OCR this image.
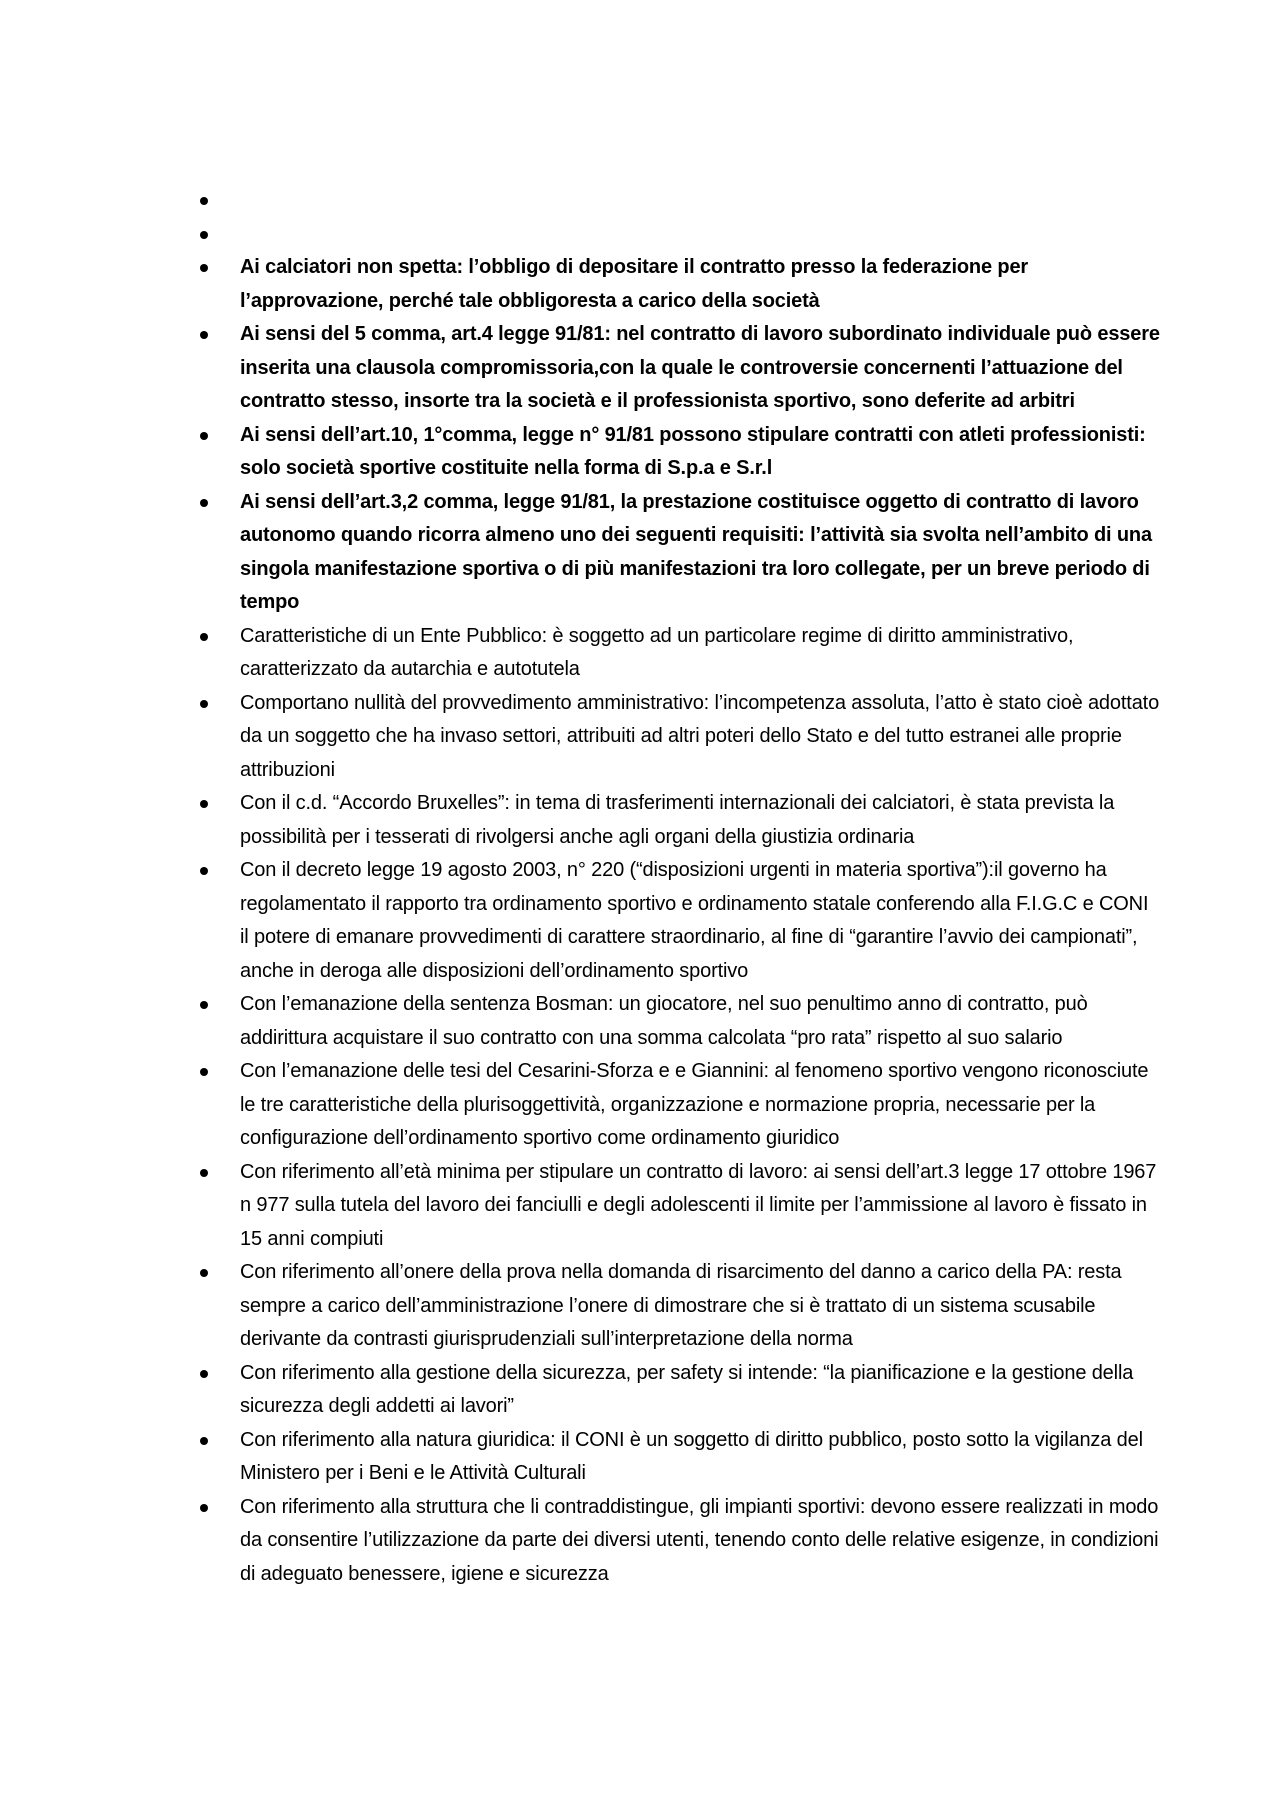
Ai calciatori non spetta: l’obbligo di depositare il contratto presso la federazione per l’approvazione, perché tale obbligoresta a carico della società
Ai sensi del 5 comma, art.4 legge 91/81: nel contratto di lavoro subordinato individuale può essere inserita una clausola compromissoria,con la quale le controversie concernenti l’attuazione del contratto stesso, insorte tra la società e il professionista sportivo, sono deferite ad arbitri
Ai sensi dell’art.10, 1°comma, legge n° 91/81 possono stipulare contratti con atleti professionisti: solo società sportive costituite nella forma di S.p.a e S.r.l
Ai sensi dell’art.3,2 comma, legge 91/81, la prestazione costituisce oggetto di contratto di lavoro autonomo quando ricorra almeno uno dei seguenti requisiti: l’attività sia svolta nell’ambito di una singola manifestazione sportiva o di più manifestazioni tra loro collegate, per un breve periodo di tempo
Caratteristiche di un Ente Pubblico: è soggetto ad un particolare regime di diritto amministrativo, caratterizzato da autarchia e autotutela
Comportano nullità del provvedimento amministrativo: l’incompetenza assoluta, l’atto è stato cioè adottato da un soggetto che ha invaso settori, attribuiti ad altri poteri dello Stato e del tutto estranei alle proprie attribuzioni
Con il c.d. “Accordo Bruxelles”: in tema di trasferimenti internazionali dei calciatori, è stata prevista la possibilità per i tesserati di rivolgersi anche agli organi della giustizia ordinaria
Con il decreto legge 19 agosto 2003, n° 220 (“disposizioni urgenti in materia sportiva”):il governo ha regolamentato il rapporto tra ordinamento sportivo e ordinamento statale conferendo alla F.I.G.C e CONI il potere di emanare provvedimenti di carattere straordinario, al fine di “garantire l’avvio dei campionati”, anche in deroga alle disposizioni dell’ordinamento sportivo
Con l’emanazione della sentenza Bosman: un giocatore, nel suo penultimo anno di contratto, può addirittura acquistare il suo contratto con una somma calcolata “pro rata” rispetto al suo salario
Con l’emanazione delle tesi del Cesarini-Sforza e e Giannini: al fenomeno sportivo vengono riconosciute le tre caratteristiche della plurisoggettività, organizzazione e normazione propria, necessarie per la configurazione dell’ordinamento sportivo come ordinamento giuridico
Con riferimento all’età minima per stipulare un contratto di lavoro: ai sensi dell’art.3 legge 17 ottobre 1967 n 977 sulla tutela del lavoro dei fanciulli e degli adolescenti il limite per l’ammissione al lavoro è fissato in 15 anni compiuti
Con riferimento all’onere della prova nella domanda di risarcimento del danno a carico della PA: resta sempre a carico dell’amministrazione l’onere di dimostrare che si è trattato di un sistema scusabile derivante da contrasti giurisprudenziali sull’interpretazione della norma
Con riferimento alla gestione della sicurezza, per safety si intende: “la pianificazione e la gestione della sicurezza degli addetti ai lavori”
Con riferimento alla natura giuridica: il CONI è un soggetto di diritto pubblico, posto sotto la vigilanza del Ministero per i Beni e le Attività Culturali
Con riferimento alla struttura che li contraddistingue, gli impianti sportivi: devono essere realizzati in modo da consentire l’utilizzazione da parte dei diversi utenti, tenendo conto delle relative esigenze, in condizioni di adeguato benessere, igiene e sicurezza
